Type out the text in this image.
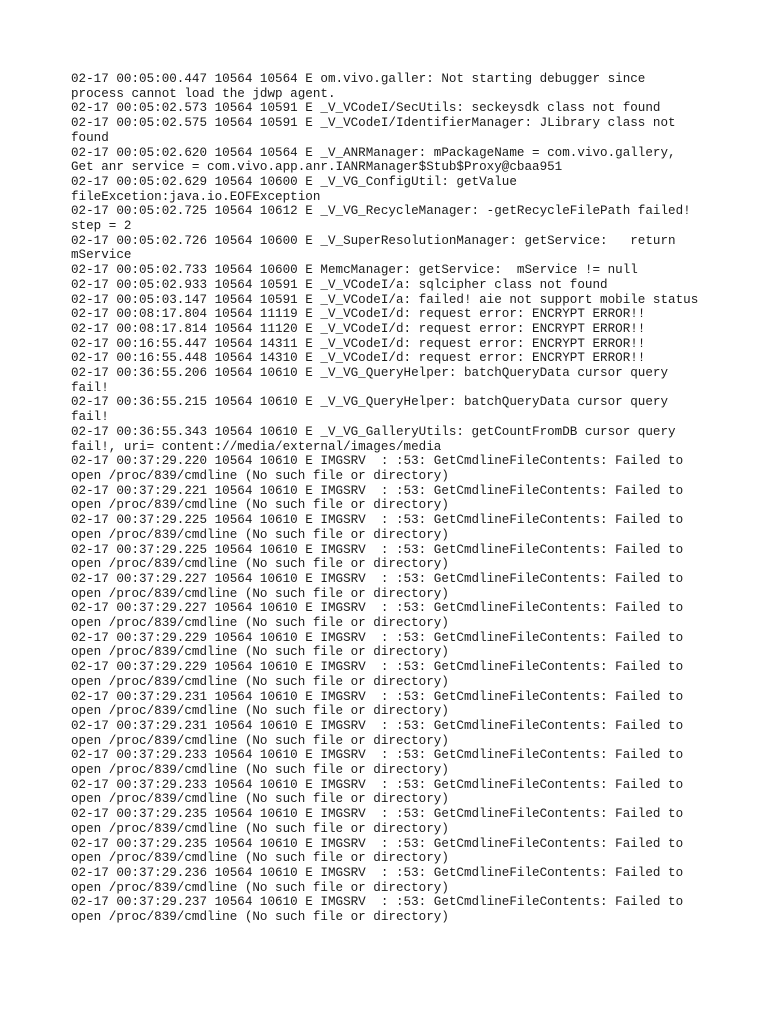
02-17 00:05:00.447 10564 10564 E om.vivo.galler: Not starting debugger since
process cannot load the jdwp agent.
02-17 00:05:02.573 10564 10591 E _V_VCodeI/SecUtils: seckeysdk class not found
02-17 00:05:02.575 10564 10591 E _V_VCodeI/IdentifierManager: JLibrary class not
found
02-17 00:05:02.620 10564 10564 E _V_ANRManager: mPackageName = com.vivo.gallery,
Get anr service = com.vivo.app.anr.IANRManager$Stub$Proxy@cbaa951
02-17 00:05:02.629 10564 10600 E _V_VG_ConfigUtil: getValue
fileExcetion:java.io.EOFException
02-17 00:05:02.725 10564 10612 E _V_VG_RecycleManager: -getRecycleFilePath failed!
step = 2
02-17 00:05:02.726 10564 10600 E _V_SuperResolutionManager: getService:   return
mService
02-17 00:05:02.733 10564 10600 E MemcManager: getService:  mService != null
02-17 00:05:02.933 10564 10591 E _V_VCodeI/a: sqlcipher class not found
02-17 00:05:03.147 10564 10591 E _V_VCodeI/a: failed! aie not support mobile status
02-17 00:08:17.804 10564 11119 E _V_VCodeI/d: request error: ENCRYPT ERROR!!
02-17 00:08:17.814 10564 11120 E _V_VCodeI/d: request error: ENCRYPT ERROR!!
02-17 00:16:55.447 10564 14311 E _V_VCodeI/d: request error: ENCRYPT ERROR!!
02-17 00:16:55.448 10564 14310 E _V_VCodeI/d: request error: ENCRYPT ERROR!!
02-17 00:36:55.206 10564 10610 E _V_VG_QueryHelper: batchQueryData cursor query
fail!
02-17 00:36:55.215 10564 10610 E _V_VG_QueryHelper: batchQueryData cursor query
fail!
02-17 00:36:55.343 10564 10610 E _V_VG_GalleryUtils: getCountFromDB cursor query
fail!, uri= content://media/external/images/media
02-17 00:37:29.220 10564 10610 E IMGSRV  : :53: GetCmdlineFileContents: Failed to
open /proc/839/cmdline (No such file or directory)
02-17 00:37:29.221 10564 10610 E IMGSRV  : :53: GetCmdlineFileContents: Failed to
open /proc/839/cmdline (No such file or directory)
02-17 00:37:29.225 10564 10610 E IMGSRV  : :53: GetCmdlineFileContents: Failed to
open /proc/839/cmdline (No such file or directory)
02-17 00:37:29.225 10564 10610 E IMGSRV  : :53: GetCmdlineFileContents: Failed to
open /proc/839/cmdline (No such file or directory)
02-17 00:37:29.227 10564 10610 E IMGSRV  : :53: GetCmdlineFileContents: Failed to
open /proc/839/cmdline (No such file or directory)
02-17 00:37:29.227 10564 10610 E IMGSRV  : :53: GetCmdlineFileContents: Failed to
open /proc/839/cmdline (No such file or directory)
02-17 00:37:29.229 10564 10610 E IMGSRV  : :53: GetCmdlineFileContents: Failed to
open /proc/839/cmdline (No such file or directory)
02-17 00:37:29.229 10564 10610 E IMGSRV  : :53: GetCmdlineFileContents: Failed to
open /proc/839/cmdline (No such file or directory)
02-17 00:37:29.231 10564 10610 E IMGSRV  : :53: GetCmdlineFileContents: Failed to
open /proc/839/cmdline (No such file or directory)
02-17 00:37:29.231 10564 10610 E IMGSRV  : :53: GetCmdlineFileContents: Failed to
open /proc/839/cmdline (No such file or directory)
02-17 00:37:29.233 10564 10610 E IMGSRV  : :53: GetCmdlineFileContents: Failed to
open /proc/839/cmdline (No such file or directory)
02-17 00:37:29.233 10564 10610 E IMGSRV  : :53: GetCmdlineFileContents: Failed to
open /proc/839/cmdline (No such file or directory)
02-17 00:37:29.235 10564 10610 E IMGSRV  : :53: GetCmdlineFileContents: Failed to
open /proc/839/cmdline (No such file or directory)
02-17 00:37:29.235 10564 10610 E IMGSRV  : :53: GetCmdlineFileContents: Failed to
open /proc/839/cmdline (No such file or directory)
02-17 00:37:29.236 10564 10610 E IMGSRV  : :53: GetCmdlineFileContents: Failed to
open /proc/839/cmdline (No such file or directory)
02-17 00:37:29.237 10564 10610 E IMGSRV  : :53: GetCmdlineFileContents: Failed to
open /proc/839/cmdline (No such file or directory)
